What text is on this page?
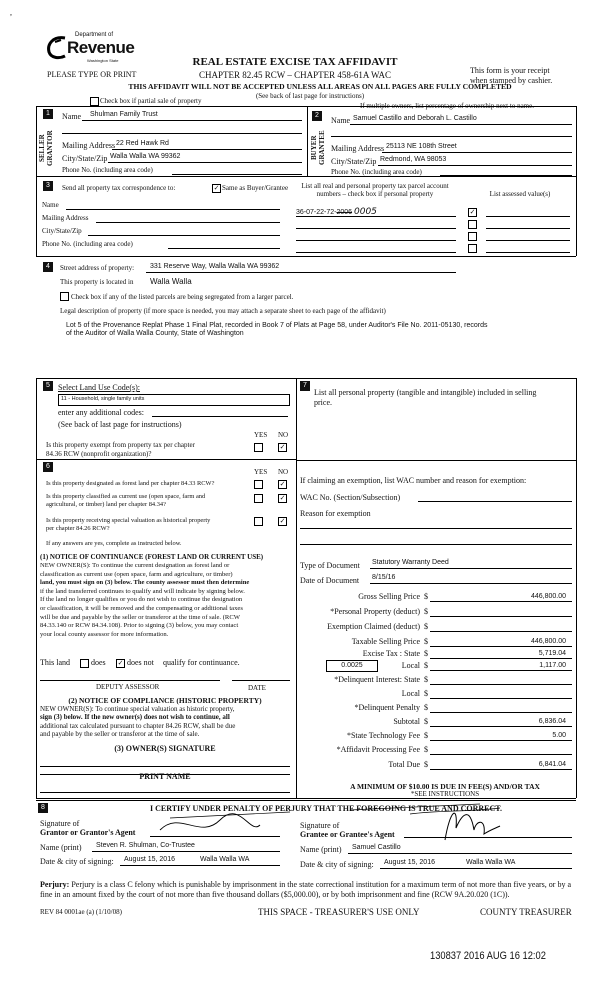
,
Department of
Revenue
Washington State
PLEASE TYPE OR PRINT
REAL ESTATE EXCISE TAX AFFIDAVIT
CHAPTER 82.45 RCW – CHAPTER 458-61A WAC	This form is your receipt
when stamped by cashier.
THIS AFFIDAVIT WILL NOT BE ACCEPTED UNLESS ALL AREAS ON ALL PAGES ARE FULLY COMPLETED
(See back of last page for instructions)
Check box if partial sale of property
If multiple owners, list percentage of ownership next to name.
1
SELLER GRANTOR
Name Shulman Family Trust
Mailing Address 22 Red Hawk Rd
City/State/Zip Walla Walla WA 99362
Phone No. (including area code)
2
BUYER GRANTEE
Name Samuel Castillo and Deborah L. Castillo
Mailing Address 25113 NE 108th Street
City/State/Zip Redmond, WA 98053
Phone No. (including area code)
3	Send all property tax correspondence to:	✓ Same as Buyer/Grantee
Name
Mailing Address
City/State/Zip
Phone No. (including area code)
List all real and personal property tax parcel account numbers – check box if personal property	List assessed value(s)
36-07-22-72-2006 0005	✓
4	Street address of property: 331 Reserve Way, Walla Walla WA 99362
This property is located in Walla Walla
Check box if any of the listed parcels are being segregated from a larger parcel.
Legal description of property (if more space is needed, you may attach a separate sheet to each page of the affidavit)
Lot 5 of the Provenance Replat Phase 1 Final Plat, recorded in Book 7 of Plats at Page 58, under Auditor's File No. 2011-05130, records
of the Auditor of Walla Walla County, State of Washington
5	Select Land Use Code(s):
11 - Household, single family units
enter any additional codes:
(See back of last page for instructions)
YES NO
Is this property exempt from property tax per chapter
84.36 RCW (nonprofit organization)?
✓
7
List all personal property (tangible and intangible) included in selling
price.
If claiming an exemption, list WAC number and reason for exemption:
WAC No. (Section/Subsection)
Reason for exemption
6
YES NO
Is this property designated as forest land per chapter 84.33 RCW?	✓
Is this property classified as current use (open space, farm and
agricultural, or timber) land per chapter 84.34?
✓
Is this property receiving special valuation as historical property
per chapter 84.26 RCW?
✓
If any answers are yes, complete as instructed below.
(1) NOTICE OF CONTINUANCE (FOREST LAND OR CURRENT USE)
NEW OWNER(S): To continue the current designation as forest land or
classification as current use (open space, farm and agriculture, or timber)
land, you must sign on (3) below. The county assessor must then determine
if the land transferred continues to qualify and will indicate by signing below.
If the land no longer qualifies or you do not wish to continue the designation
or classification, it will be removed and the compensating or additional taxes
will be due and payable by the seller or transferor at the time of sale. (RCW
84.33.140 or RCW 84.34.108). Prior to signing (3) below, you may contact
your local county assessor for more information.
This land	does ✓ does not qualify for continuance.
DEPUTY ASSESSOR	DATE
(2) NOTICE OF COMPLIANCE (HISTORIC PROPERTY)
NEW OWNER(S): To continue special valuation as historic property,
sign (3) below. If the new owner(s) does not wish to continue, all
additional tax calculated pursuant to chapter 84.26 RCW, shall be due
and payable by the seller or transferor at the time of sale.
(3) OWNER(S) SIGNATURE
PRINT NAME
Type of Document Statutory Warranty Deed
Date of Document 8/15/16
Gross Selling Price $	446,800.00
*Personal Property (deduct) $
Exemption Claimed (deduct) $
Taxable Selling Price $	446,800.00
Excise Tax : State $	5,719.04
Local $	1,117.00
0.0025
*Delinquent Interest: State $
Local $
*Delinquent Penalty $
Subtotal $	6,836.04
*State Technology Fee $	5.00
*Affidavit Processing Fee $
Total Due $	6,841.04
A MINIMUM OF $10.00 IS DUE IN FEE(S) AND/OR TAX
*SEE INSTRUCTIONS
8	I CERTIFY UNDER PENALTY OF PERJURY THAT THE FOREGOING IS TRUE AND CORRECT.
Signature of
Grantor or Grantor's Agent
Name (print) Steven R. Shulman, Co-Trustee
Date & city of signing: August 15, 2016	Walla Walla WA
Signature of
Grantee or Grantee's Agent
Name (print) Samuel Castillo
Date & city of signing: August 15, 2016	Walla Walla WA
Perjury: Perjury is a class C felony which is punishable by imprisonment in the state correctional institution for a maximum term of not more than five years, or by a fine in an amount fixed by the court of not more than five thousand dollars ($5,000.00), or by both imprisonment and fine (RCW 9A.20.020 (1C)).
REV 84 0001ae (a) (1/10/08)	THIS SPACE - TREASURER'S USE ONLY	COUNTY TREASURER
130837 2016 AUG 16 12:02
